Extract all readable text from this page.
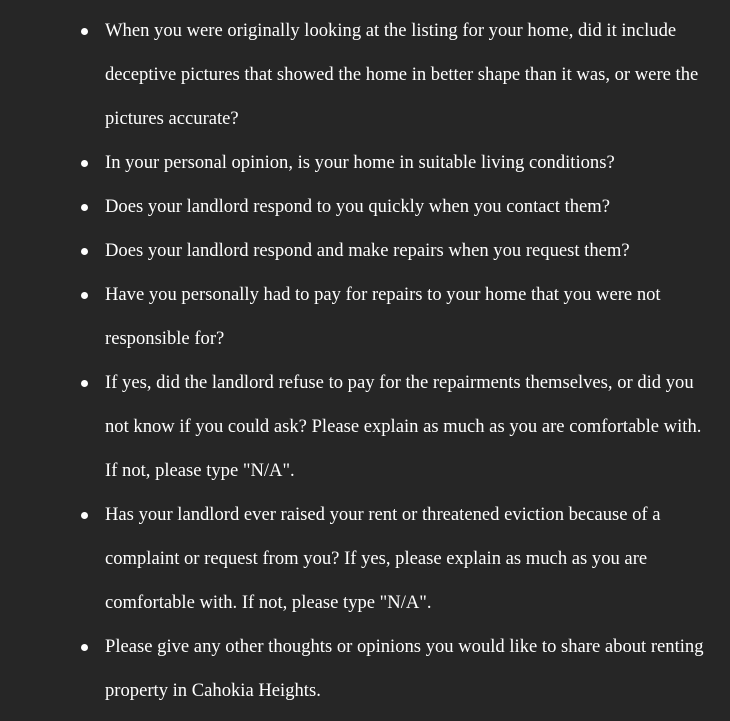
When you were originally looking at the listing for your home, did it include deceptive pictures that showed the home in better shape than it was, or were the pictures accurate?
In your personal opinion, is your home in suitable living conditions?
Does your landlord respond to you quickly when you contact them?
Does your landlord respond and make repairs when you request them?
Have you personally had to pay for repairs to your home that you were not responsible for?
If yes, did the landlord refuse to pay for the repairments themselves, or did you not know if you could ask? Please explain as much as you are comfortable with. If not, please type "N/A".
Has your landlord ever raised your rent or threatened eviction because of a complaint or request from you? If yes, please explain as much as you are comfortable with. If not, please type "N/A".
Please give any other thoughts or opinions you would like to share about renting property in Cahokia Heights.
